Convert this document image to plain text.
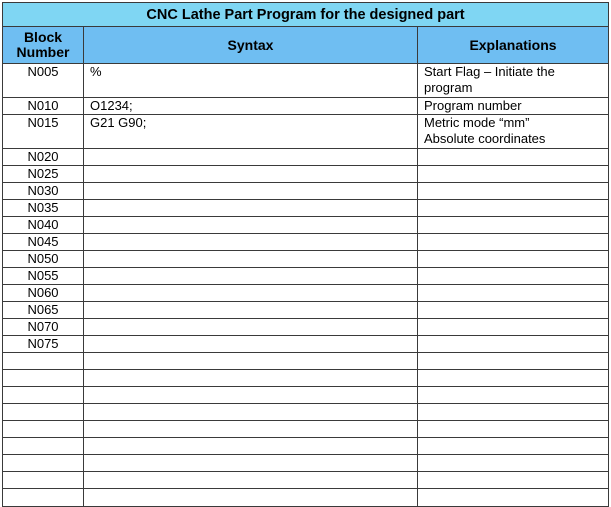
CNC Lathe Part Program for the designed part		
Block
Number	Syntax	Explanations
N005	%	Start Flag – Initiate the
program

N010	O1234;	Program number

N015	G21 G90;	Metric mode “mm”
Absolute coordinates

N020		

N025		

N030		

N035		

N040		

N045		

N050		

N055		

N060		

N065		

N070		

N075		
